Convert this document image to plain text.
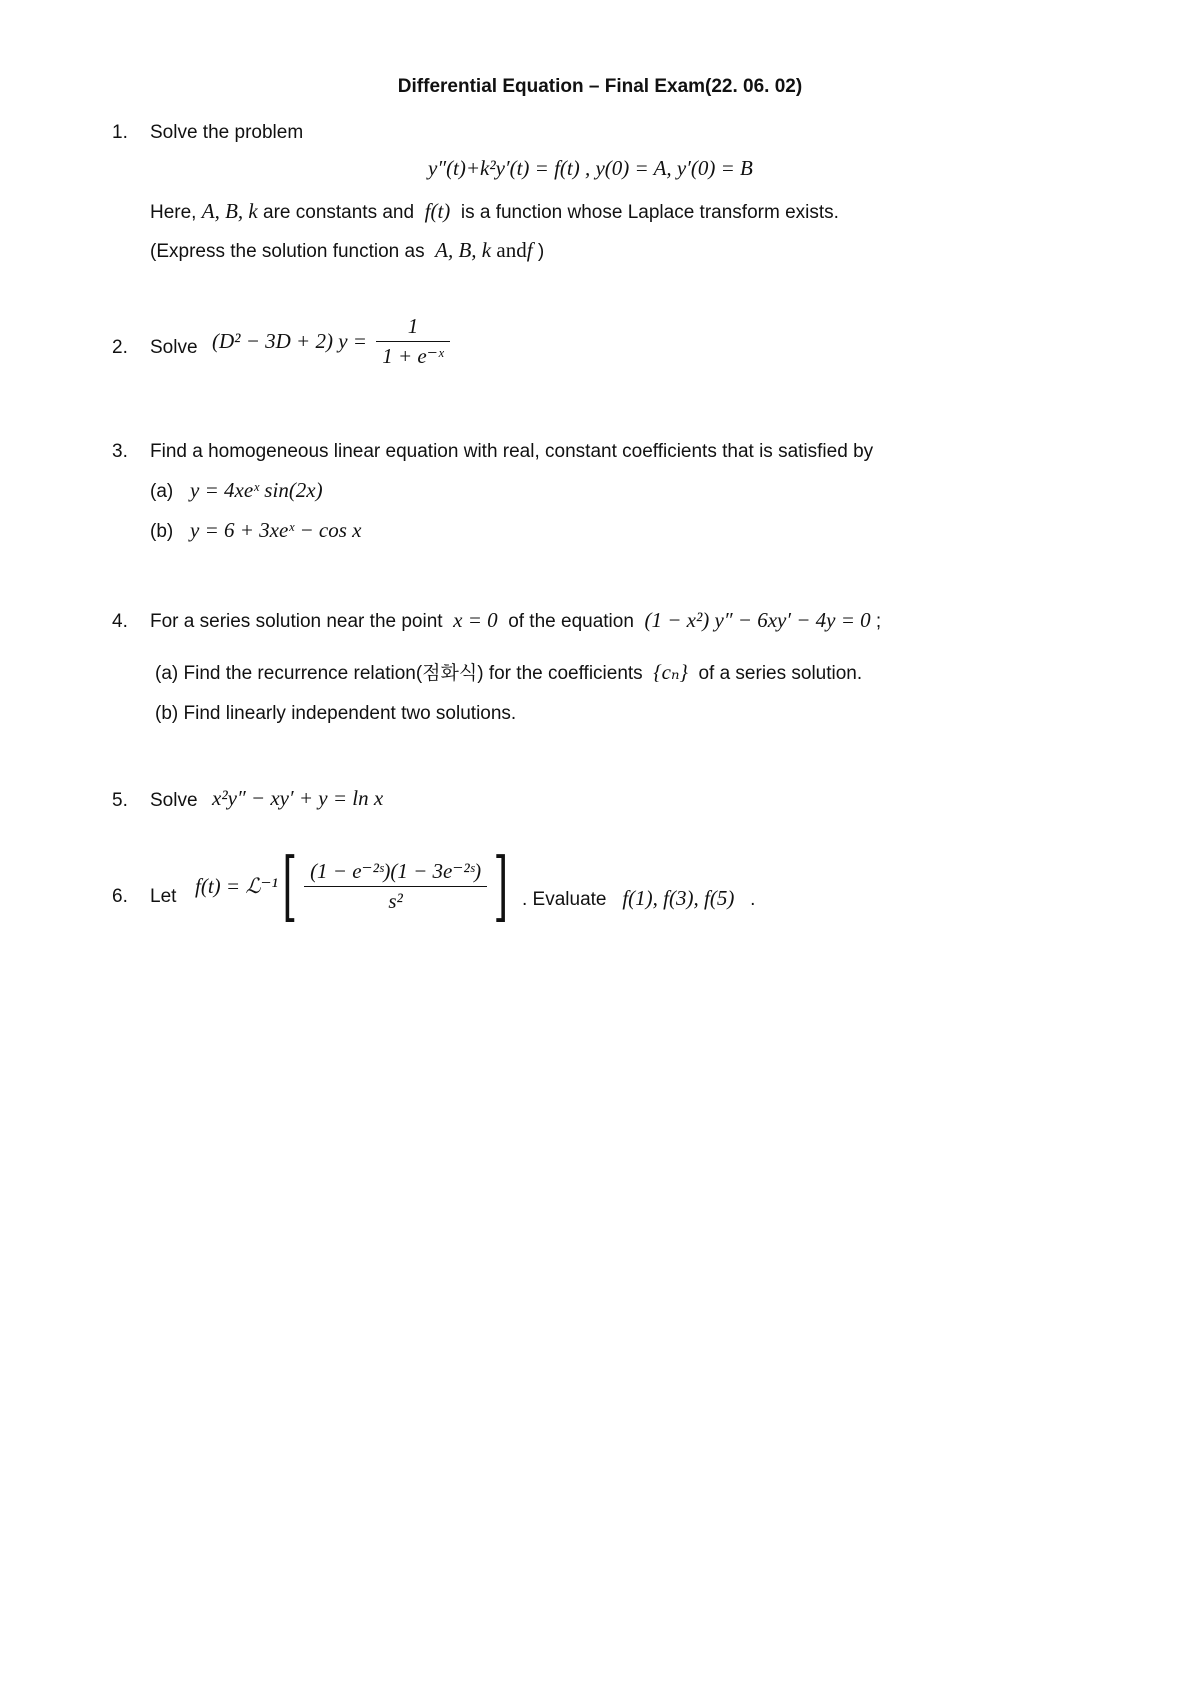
Differential Equation – Final Exam(22. 06. 02)
1. Solve the problem
y″(t)+k²y′(t) = f(t) , y(0) = A, y′(0) = B
Here, A, B, k are constants and f(t) is a function whose Laplace transform exists.
(Express the solution function as A, B, k andf )
2. Solve (D² − 3D + 2) $y = \frac{1}{\text{1 + e⁻ˣ}}$
3. Find a homogeneous linear equation with real, constant coefficients that is satisfied by
(a) y = 4xeˣ sin(2x)
(b) y = 6 + 3xeˣ − cos x
4. For a series solution near the point x = 0 of the equation (1 − x²) y″ − 6xy′ − 4y = 0 ;
(a) Find the recurrence relation(점화식) for the coefficients {cₙ} of a series solution.
(b) Find linearly independent two solutions.
5. Solve x²y″ − xy′ + y = ln x
6. Let f(t) = ℒ⁻¹ [ $\frac{\text{(1 − e⁻²ˢ)(1 − 3e⁻²ˢ)}}{\text{s²}}$ ] . Evaluate f(1), f(3), f(5) .
